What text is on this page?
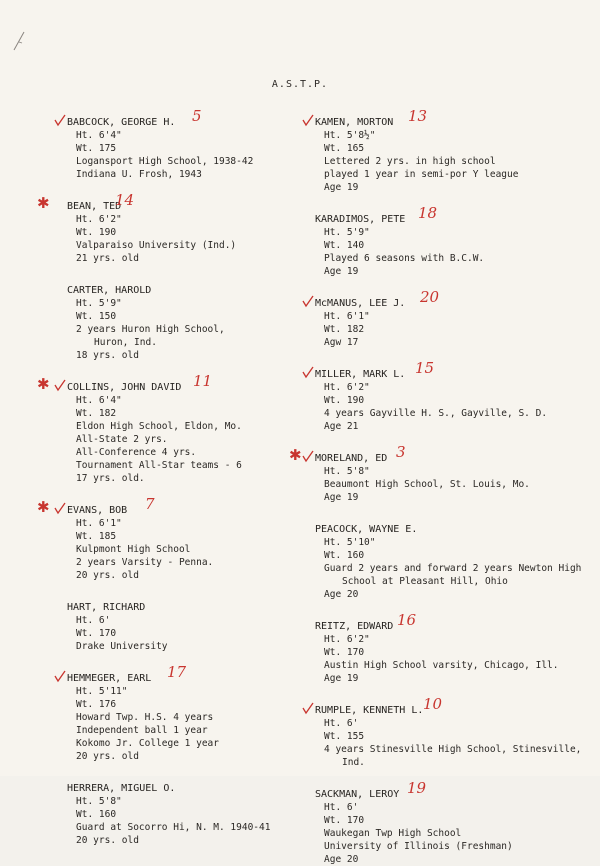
A.S.T.P.
BABCOCK, GEORGE H. 5
Ht. 6'4"
Wt. 175
Logansport High School, 1938-42
Indiana U. Frosh, 1943
✱ BEAN, TED
14
Ht. 6'2"
Wt. 190
Valparaiso University (Ind.)
21 yrs. old
CARTER, HAROLD
Ht. 5'9"
Wt. 150
2 years Huron High School,
Huron, Ind.
18 yrs. old
✱ COLLINS, JOHN DAVID 11
Ht. 6'4"
Wt. 182
Eldon High School, Eldon, Mo.
All-State 2 yrs.
All-Conference 4 yrs.
Tournament All-Star teams - 6
17 yrs. old.
✱ EVANS, BOB 7
Ht. 6'1"
Wt. 185
Kulpmont High School
2 years Varsity - Penna.
20 yrs. old
HART, RICHARD
Ht. 6'
Wt. 170
Drake University
HEMMEGER, EARL 17
Ht. 5'11"
Wt. 176
Howard Twp. H.S. 4 years
Independent ball 1 year
Kokomo Jr. College 1 year
20 yrs. old
HERRERA, MIGUEL O.
Ht. 5'8"
Wt. 160
Guard at Socorro Hi, N. M. 1940-41
20 yrs. old
KAMEN, MORTON 13
Ht. 5'8½"
Wt. 165
Lettered 2 yrs. in high school
played 1 year in semi-por Y league
Age 19
KARADIMOS, PETE 18
Ht. 5'9"
Wt. 140
Played 6 seasons with B.C.W.
Age 19
McMANUS, LEE J. 20
Ht. 6'1"
Wt. 182
Agw 17
MILLER, MARK L. 15
Ht. 6'2"
Wt. 190
4 years Gayville H. S., Gayville, S. D.
Age 21
✱ MORELAND, ED 3
Ht. 5'8"
Beaumont High School, St. Louis, Mo.
Age 19
PEACOCK, WAYNE E.
Ht. 5'10"
Wt. 160
Guard 2 years and forward 2 years Newton High
School at Pleasant Hill, Ohio
Age 20
REITZ, EDWARD 16
Ht. 6'2"
Wt. 170
Austin High School varsity, Chicago, Ill.
Age 19
RUMPLE, KENNETH L. 10
Ht. 6'
Wt. 155
4 years Stinesville High School, Stinesville,
Ind.
SACKMAN, LEROY 19
Ht. 6'
Wt. 170
Waukegan Twp High School
University of Illinois (Freshman)
Age 20
